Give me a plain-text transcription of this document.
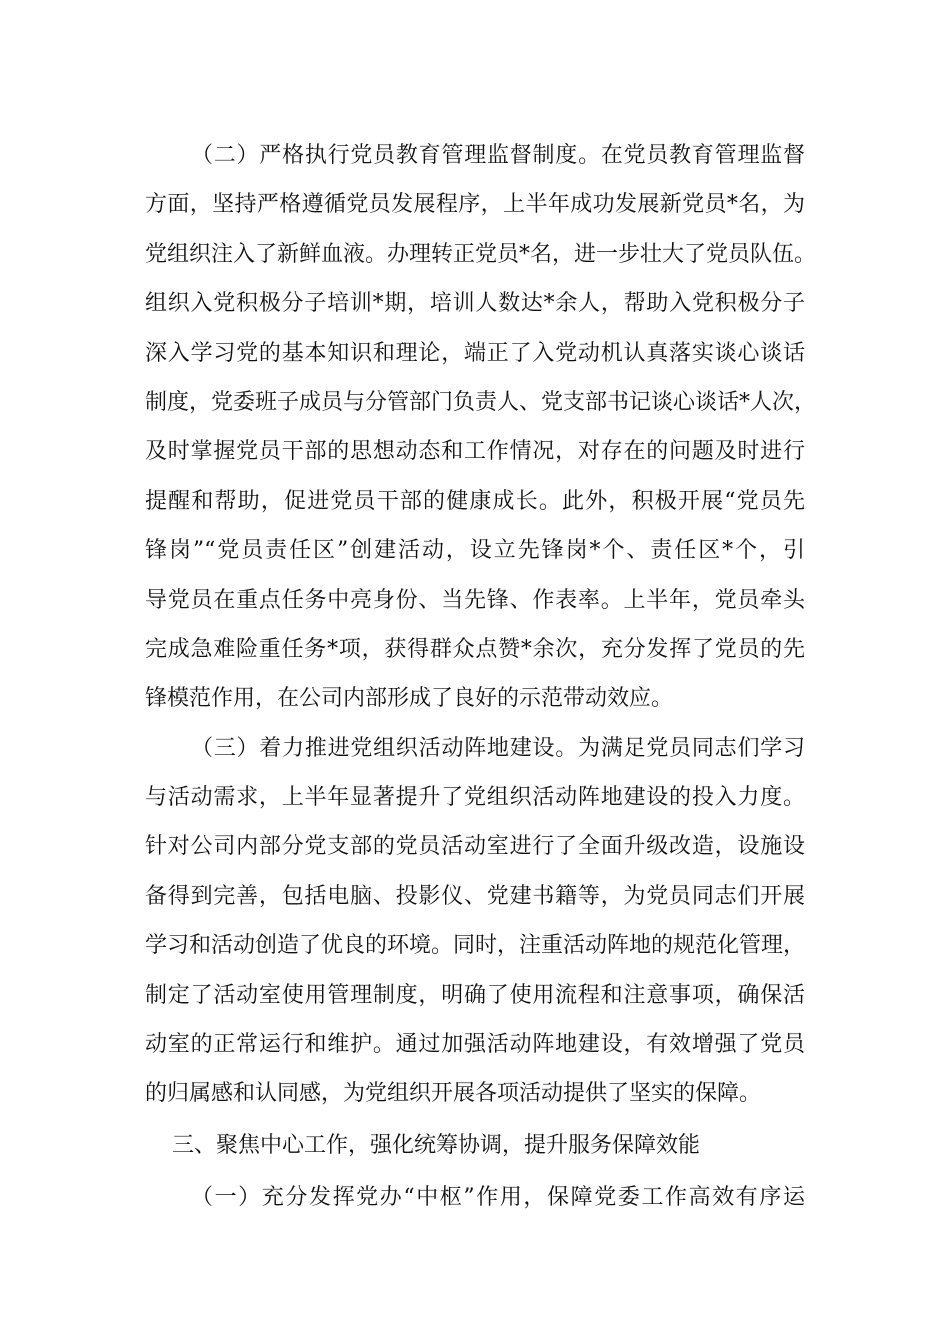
（二）严格执行党员教育管理监督制度。在党员教育管理监督
方面，坚持严格遵循党员发展程序，上半年成功发展新党员*名，为
党组织注入了新鲜血液。办理转正党员*名，进一步壮大了党员队伍。
组织入党积极分子培训*期，培训人数达*余人，帮助入党积极分子
深入学习党的基本知识和理论，端正了入党动机认真落实谈心谈话
制度，党委班子成员与分管部门负责人、党支部书记谈心谈话*人次，
及时掌握党员干部的思想动态和工作情况，对存在的问题及时进行
提醒和帮助，促进党员干部的健康成长。此外，积极开展“党员先
锋岗”“党员责任区”创建活动，设立先锋岗*个、责任区*个，引
导党员在重点任务中亮身份、当先锋、作表率。上半年，党员牵头
完成急难险重任务*项，获得群众点赞*余次，充分发挥了党员的先
锋模范作用，在公司内部形成了良好的示范带动效应。
（三）着力推进党组织活动阵地建设。为满足党员同志们学习
与活动需求，上半年显著提升了党组织活动阵地建设的投入力度。
针对公司内部分党支部的党员活动室进行了全面升级改造，设施设
备得到完善，包括电脑、投影仪、党建书籍等，为党员同志们开展
学习和活动创造了优良的环境。同时，注重活动阵地的规范化管理，
制定了活动室使用管理制度，明确了使用流程和注意事项，确保活
动室的正常运行和维护。通过加强活动阵地建设，有效增强了党员
的归属感和认同感，为党组织开展各项活动提供了坚实的保障。
三、聚焦中心工作，强化统筹协调，提升服务保障效能
（一）充分发挥党办“中枢”作用，保障党委工作高效有序运
